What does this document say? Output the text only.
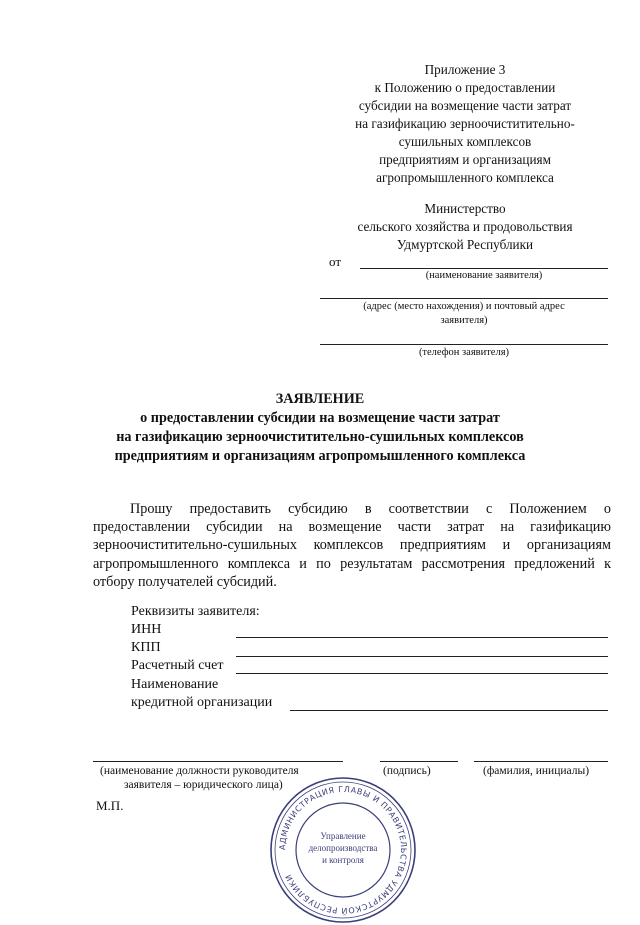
Приложение 3
к Положению о предоставлении
субсидии на возмещение части затрат
на газификацию зерноочиститительно-
сушильных комплексов
предприятиям и организациям
агропромышленного комплекса
Министерство
сельского хозяйства и продовольствия
Удмуртской Республики
от
(наименование заявителя)
(адрес (место нахождения) и почтовый адрес
заявителя)
(телефон заявителя)
ЗАЯВЛЕНИЕ
о предоставлении субсидии на возмещение части затрат
на газификацию зерноочиститительно-сушильных комплексов
предприятиям и организациям агропромышленного комплекса
Прошу предоставить субсидию в соответствии с Положением о предоставлении субсидии на возмещение части затрат на газификацию зерноочиститительно-сушильных комплексов предприятиям и организациям агропромышленного комплекса и по результатам рассмотрения предложений к отбору получателей субсидий.
Реквизиты заявителя:
ИНН
КПП
Расчетный счет
Наименование
кредитной организации
(наименование должности руководителя
заявителя – юридического лица)
(подпись)	(фамилия, инициалы)
М.П.
АДМИНИСТРАЦИЯ ГЛАВЫ И ПРАВИТЕЛЬСТВА УДМУРТСКОЙ РЕСПУБЛИКИ
Управление
делопроизводства
и контроля
